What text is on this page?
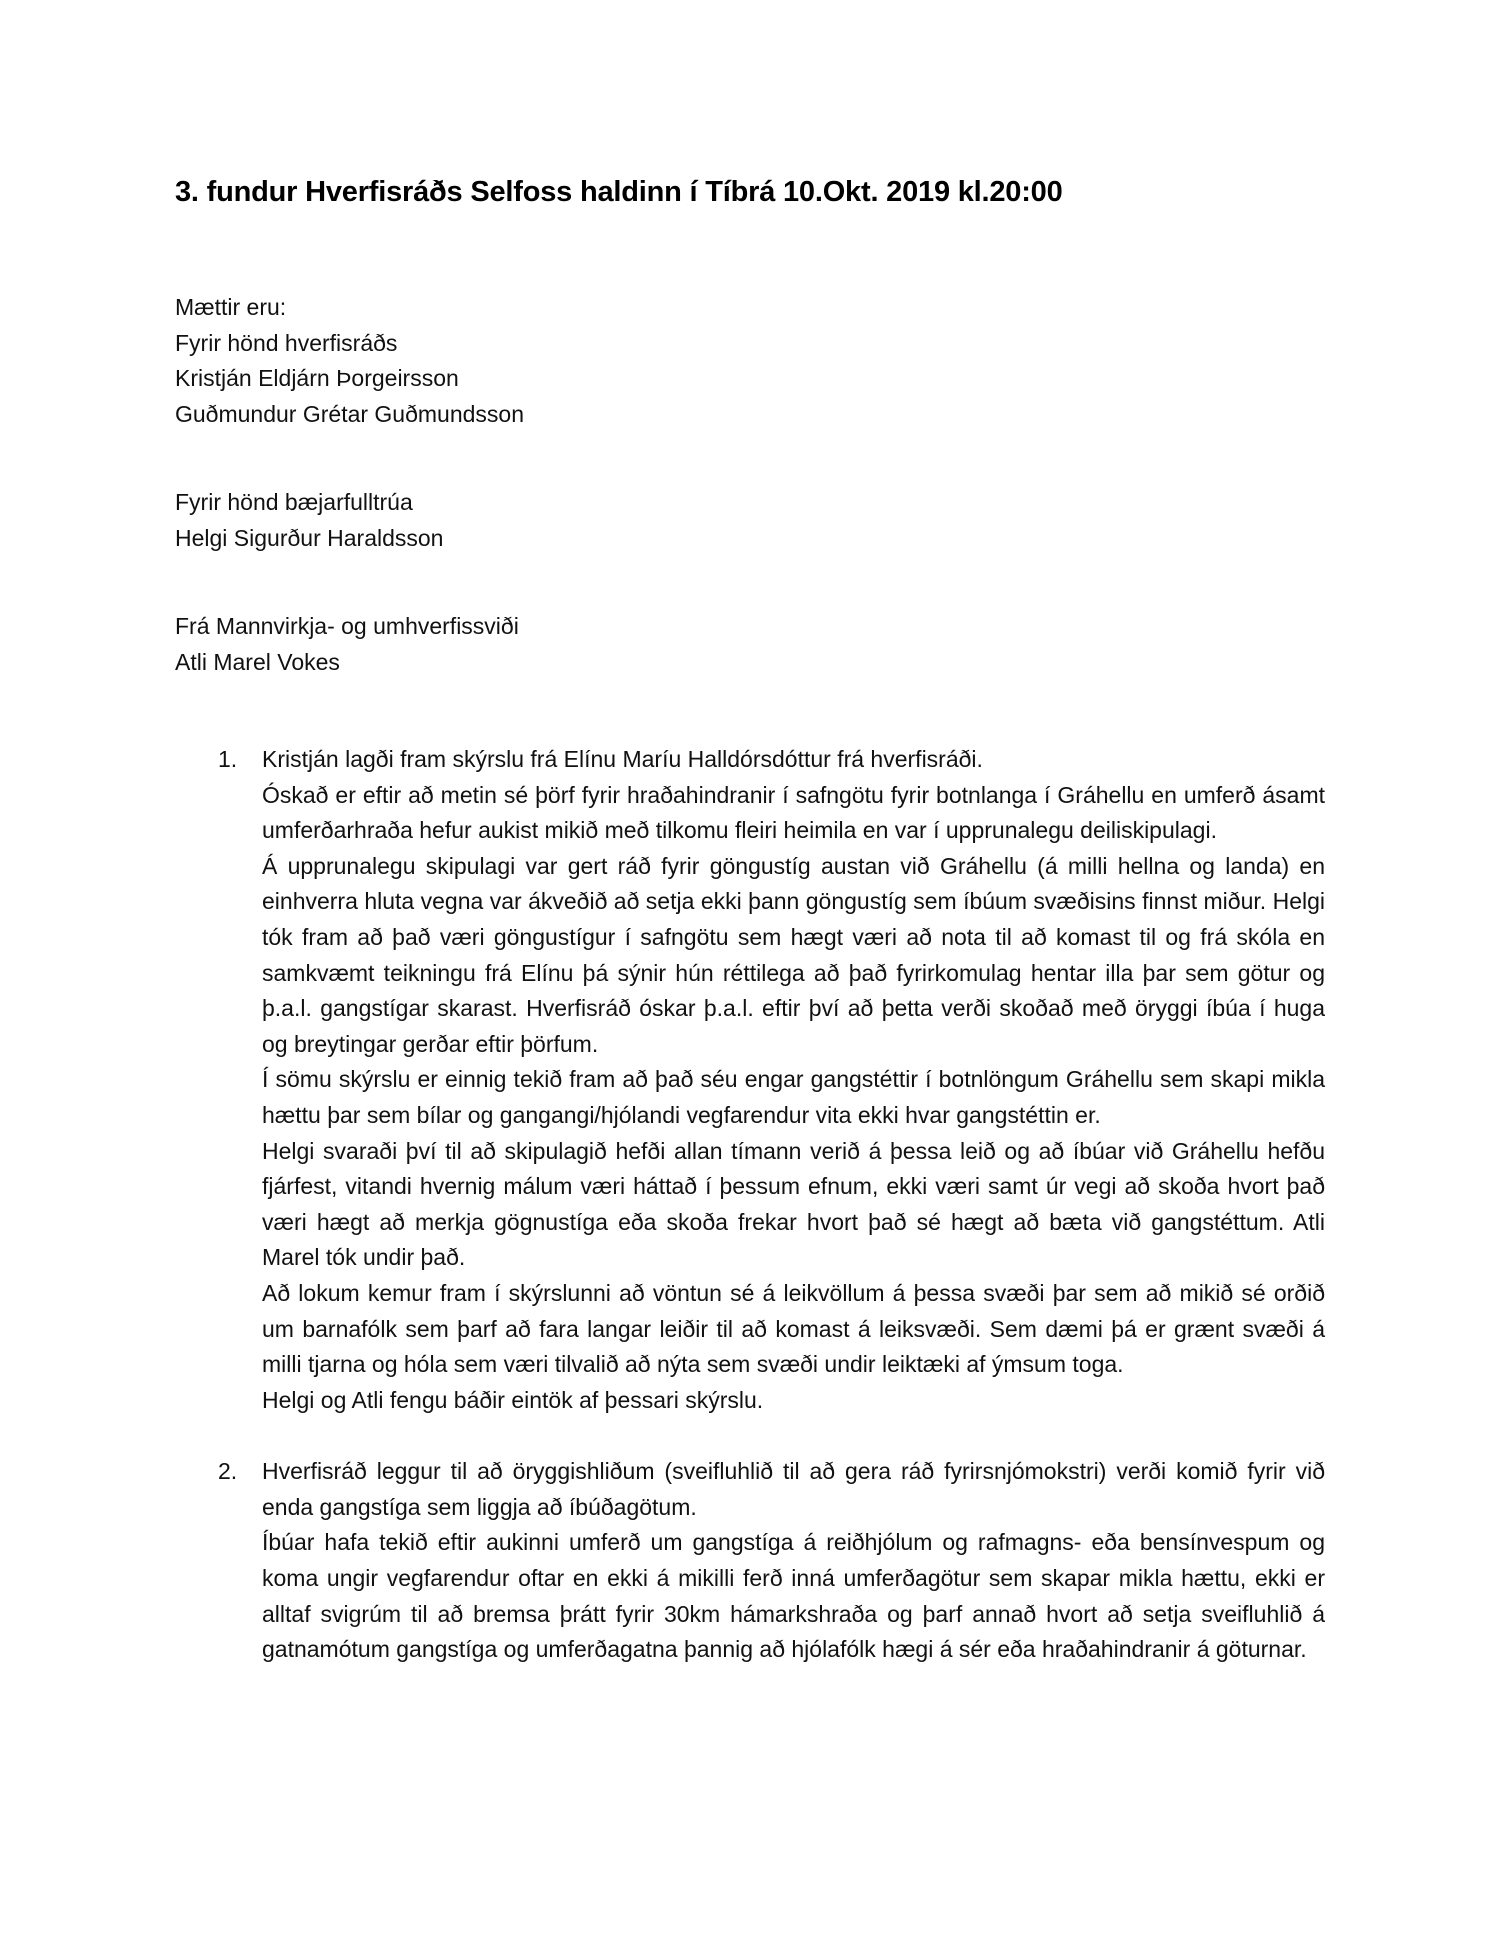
3. fundur Hverfisráðs Selfoss haldinn í Tíbrá 10.Okt. 2019 kl.20:00
Mættir eru:
Fyrir hönd hverfisráðs
Kristján Eldjárn Þorgeirsson
Guðmundur Grétar Guðmundsson
Fyrir hönd bæjarfulltrúa
Helgi Sigurður Haraldsson
Frá Mannvirkja- og umhverfissviði
Atli Marel Vokes
1. Kristján lagði fram skýrslu frá Elínu Maríu Halldórsdóttur frá hverfisráði.

Óskað er eftir að metin sé þörf fyrir hraðahindranir í safngötu fyrir botnlanga í Gráhellu en umferð ásamt umferðarhraða hefur aukist mikið með tilkomu fleiri heimila en var í upprunalegu deiliskipulagi.

Á upprunalegu skipulagi var gert ráð fyrir göngustíg austan við Gráhellu (á milli hellna og landa) en einhverra hluta vegna var ákveðið að setja ekki þann göngustíg sem íbúum svæðisins finnst miður. Helgi tók fram að það væri göngustígur í safngötu sem hægt væri að nota til að komast til og frá skóla en samkvæmt teikningu frá Elínu þá sýnir hún réttilega að það fyrirkomulag hentar illa þar sem götur og þ.a.l. gangstígar skarast. Hverfisráð óskar þ.a.l. eftir því að þetta verði skoðað með öryggi íbúa í huga og breytingar gerðar eftir þörfum.

Í sömu skýrslu er einnig tekið fram að það séu engar gangstéttir í botnlöngum Gráhellu sem skapi mikla hættu þar sem bílar og gangangi/hjólandi vegfarendur vita ekki hvar gangstéttin er.

Helgi svaraði því til að skipulagið hefði allan tímann verið á þessa leið og að íbúar við Gráhellu hefðu fjárfest, vitandi hvernig málum væri háttað í þessum efnum, ekki væri samt úr vegi að skoða hvort það væri hægt að merkja gögnustíga eða skoða frekar hvort það sé hægt að bæta við gangstéttum. Atli Marel tók undir það.

Að lokum kemur fram í skýrslunni að vöntun sé á leikvöllum á þessa svæði þar sem að mikið sé orðið um barnafólk sem þarf að fara langar leiðir til að komast á leiksvæði. Sem dæmi þá er grænt svæði á milli tjarna og hóla sem væri tilvalið að nýta sem svæði undir leiktæki af ýmsum toga.

Helgi og Atli fengu báðir eintök af þessari skýrslu.

2. Hverfisráð leggur til að öryggishliðum (sveifluhlið til að gera ráð fyrirsnjómokstri) verði komið fyrir við enda gangstíga sem liggja að íbúðagötum.

Íbúar hafa tekið eftir aukinni umferð um gangstíga á reiðhjólum og rafmagns- eða bensínvespum og koma ungir vegfarendur oftar en ekki á mikilli ferð inná umferðagötur sem skapar mikla hættu, ekki er alltaf svigrúm til að bremsa þrátt fyrir 30km hámarkshraða og þarf annað hvort að setja sveifluhlið á gatnamótum gangstíga og umferðagatna þannig að hjólafólk hægi á sér eða hraðahindranir á göturnar.
